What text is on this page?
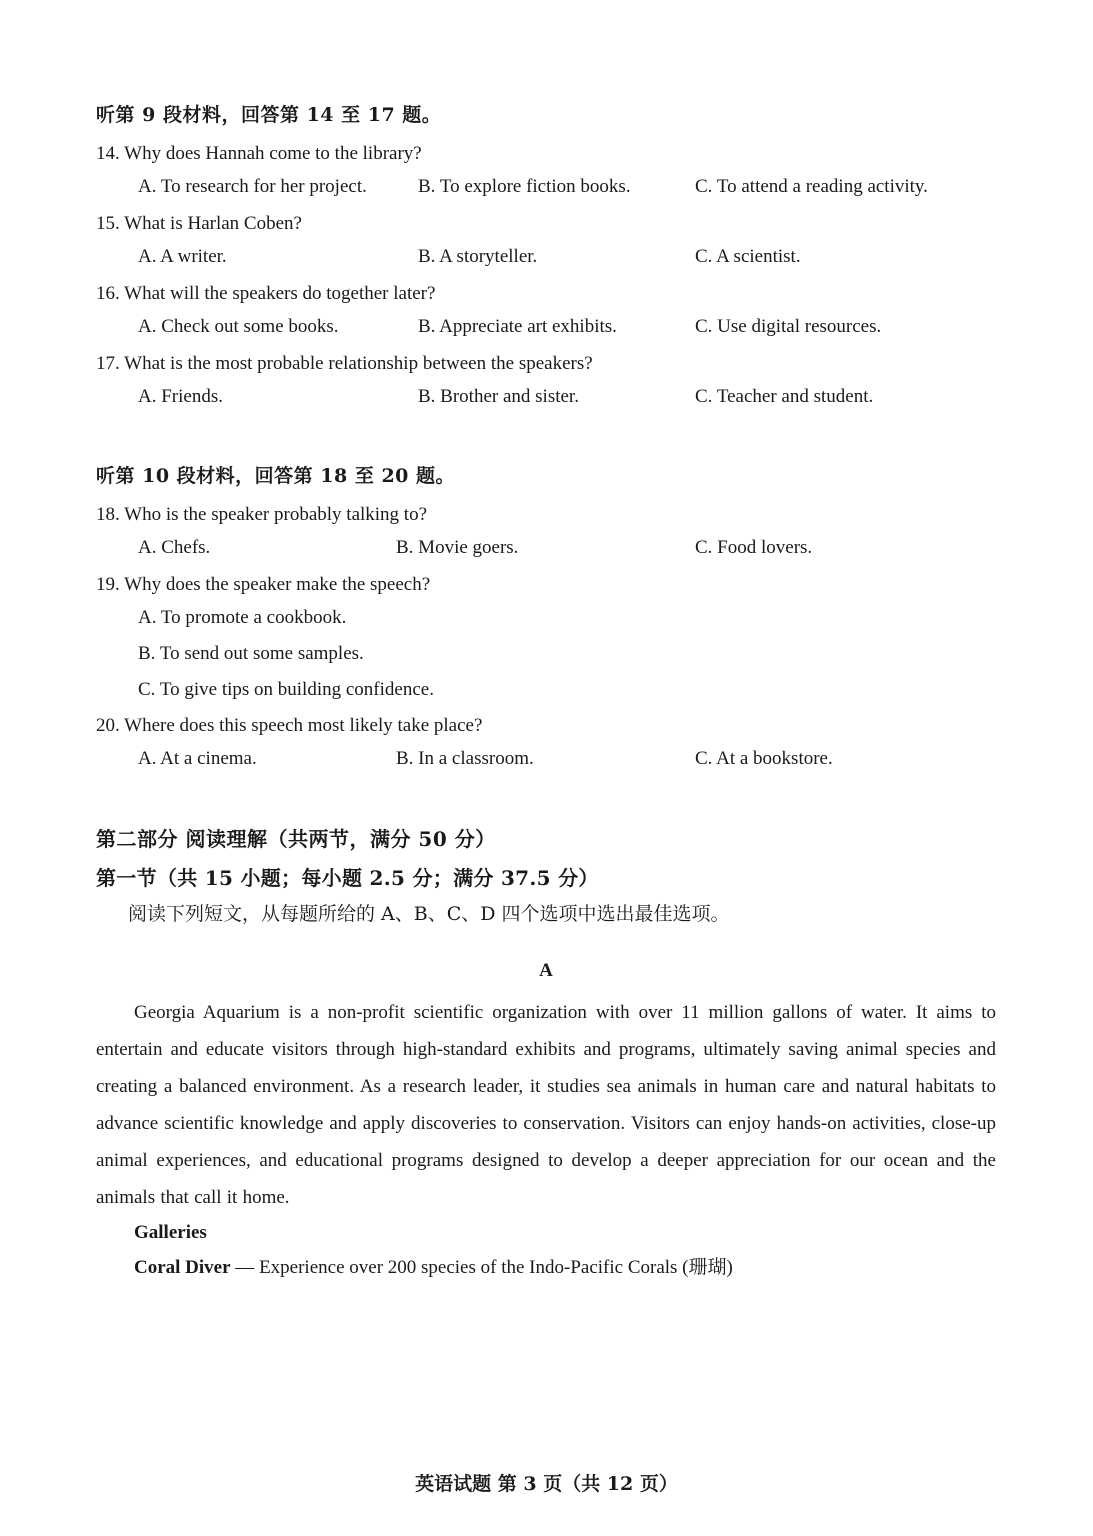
听第 9 段材料，回答第 14 至 17 题。
14. Why does Hannah come to the library?
A. To research for her project.	B. To explore fiction books.	C. To attend a reading activity.
15. What is Harlan Coben?
A. A writer.	B. A storyteller.	C. A scientist.
16. What will the speakers do together later?
A. Check out some books.	B. Appreciate art exhibits.	C. Use digital resources.
17. What is the most probable relationship between the speakers?
A. Friends.	B. Brother and sister.	C. Teacher and student.
听第 10 段材料，回答第 18 至 20 题。
18. Who is the speaker probably talking to?
A. Chefs.	B. Movie goers.	C. Food lovers.
19. Why does the speaker make the speech?
A. To promote a cookbook.
B. To send out some samples.
C. To give tips on building confidence.
20. Where does this speech most likely take place?
A. At a cinema.	B. In a classroom.	C. At a bookstore.
第二部分 阅读理解（共两节，满分 50 分）
第一节（共 15 小题；每小题 2.5 分；满分 37.5 分）
阅读下列短文，从每题所给的 A、B、C、D 四个选项中选出最佳选项。
A
Georgia Aquarium is a non-profit scientific organization with over 11 million gallons of water. It aims to entertain and educate visitors through high-standard exhibits and programs, ultimately saving animal species and creating a balanced environment. As a research leader, it studies sea animals in human care and natural habitats to advance scientific knowledge and apply discoveries to conservation. Visitors can enjoy hands-on activities, close-up animal experiences, and educational programs designed to develop a deeper appreciation for our ocean and the animals that call it home.
Galleries
Coral Diver — Experience over 200 species of the Indo-Pacific Corals (珊瑚)
英语试题 第 3 页（共 12 页）
